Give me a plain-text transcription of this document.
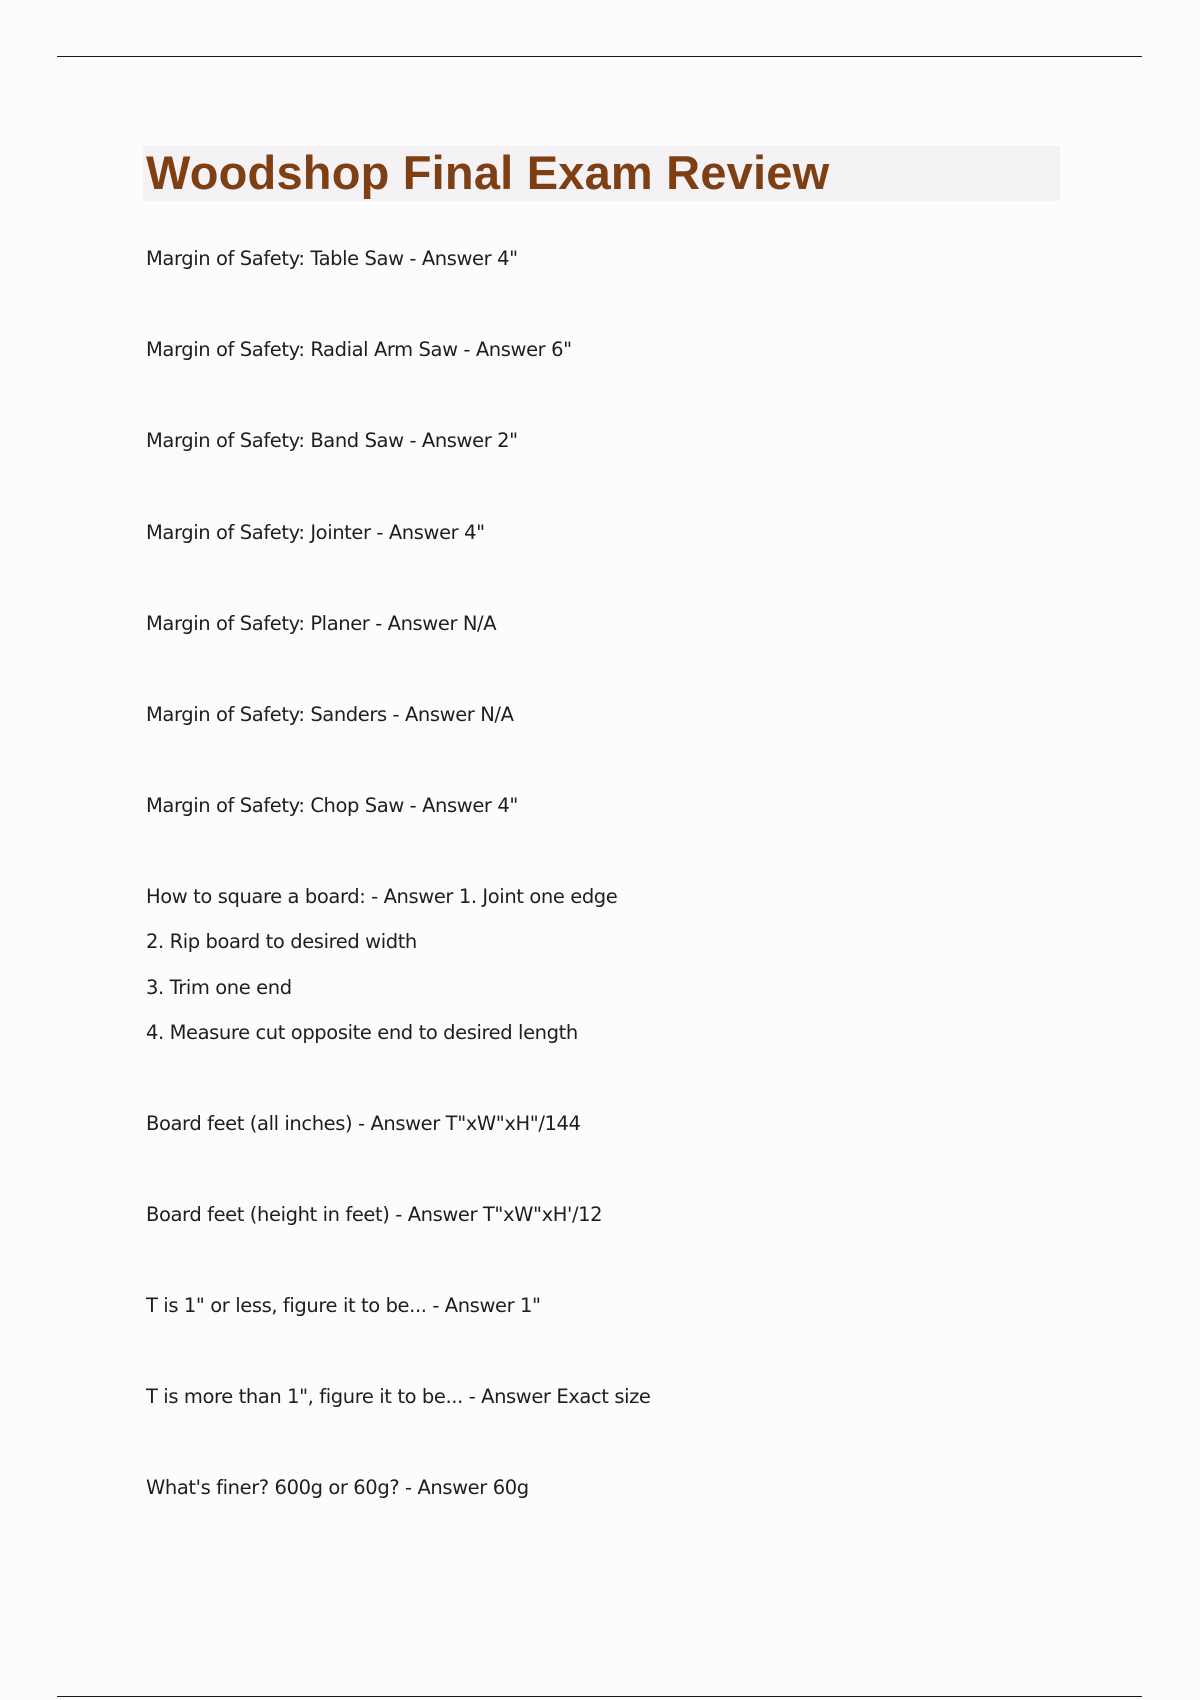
Woodshop Final Exam Review

Margin of Safety: Table Saw - Answer 4"

Margin of Safety: Radial Arm Saw - Answer 6"

Margin of Safety: Band Saw - Answer 2"

Margin of Safety: Jointer - Answer 4"

Margin of Safety: Planer - Answer N/A

Margin of Safety: Sanders - Answer N/A

Margin of Safety: Chop Saw - Answer 4"

How to square a board: - Answer 1. Joint one edge

2. Rip board to desired width

3. Trim one end

4. Measure cut opposite end to desired length

Board feet (all inches) - Answer T"xW"xH"/144

Board feet (height in feet) - Answer T"xW"xH'/12

T is 1" or less, figure it to be... - Answer 1"

T is more than 1", figure it to be... - Answer Exact size

What's finer? 600g or 60g? - Answer 60g
